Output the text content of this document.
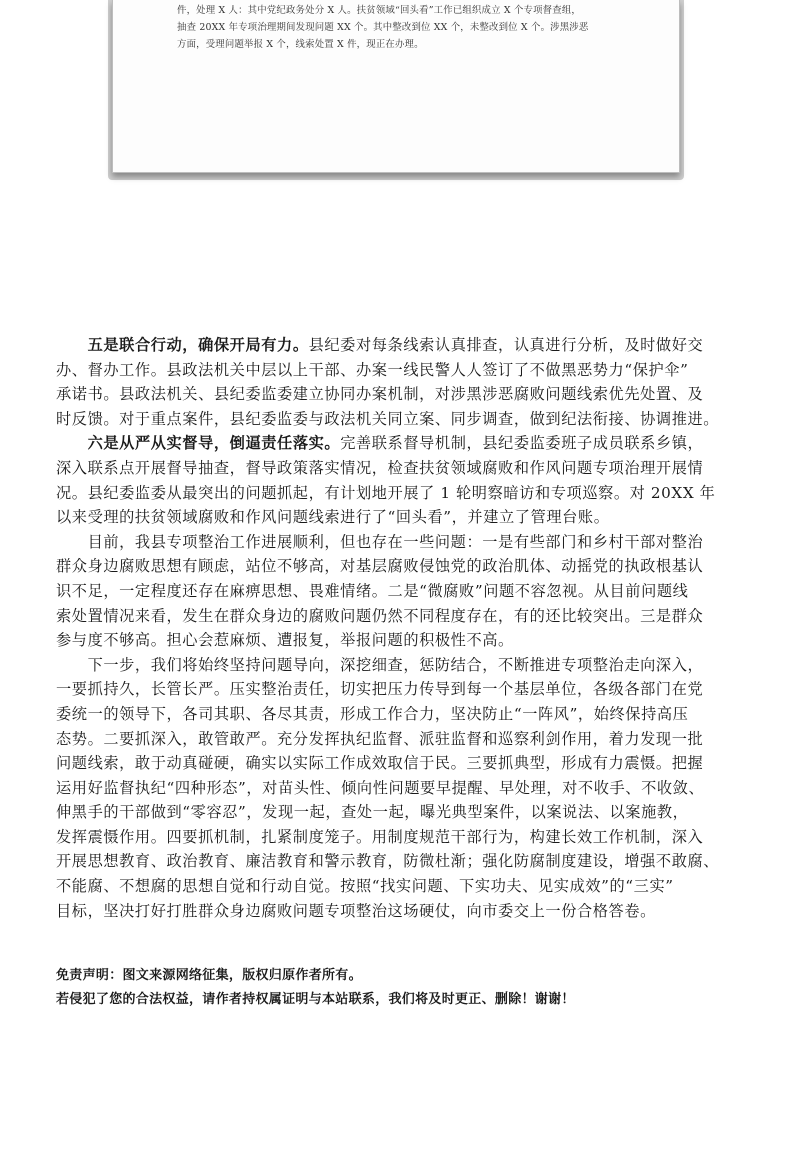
件，处理 X 人：其中党纪政务处分 X 人。扶贫领域“回头看”工作已组织成立 X 个专项督查组，
抽查 20XX 年专项治理期间发现问题 XX 个。其中整改到位 XX 个，未整改到位 X 个。涉黑涉恶
方面，受理问题举报 X 个，线索处置 X 件，现正在办理。
　　五是联合行动，确保开局有力。县纪委对每条线索认真排查，认真进行分析，及时做好交
办、督办工作。县政法机关中层以上干部、办案一线民警人人签订了不做黑恶势力“保护伞”
承诺书。县政法机关、县纪委监委建立协同办案机制，对涉黑涉恶腐败问题线索优先处置、及
时反馈。对于重点案件，县纪委监委与政法机关同立案、同步调查，做到纪法衔接、协调推进。
　　六是从严从实督导，倒逼责任落实。完善联系督导机制，县纪委监委班子成员联系乡镇，
深入联系点开展督导抽查，督导政策落实情况，检查扶贫领域腐败和作风问题专项治理开展情
况。县纪委监委从最突出的问题抓起，有计划地开展了 1 轮明察暗访和专项巡察。对 20XX 年
以来受理的扶贫领域腐败和作风问题线索进行了“回头看”，并建立了管理台账。
　　目前，我县专项整治工作进展顺利，但也存在一些问题：一是有些部门和乡村干部对整治
群众身边腐败思想有顾虑，站位不够高，对基层腐败侵蚀党的政治肌体、动摇党的执政根基认
识不足，一定程度还存在麻痹思想、畏难情绪。二是“微腐败”问题不容忽视。从目前问题线
索处置情况来看，发生在群众身边的腐败问题仍然不同程度存在，有的还比较突出。三是群众
参与度不够高。担心会惹麻烦、遭报复，举报问题的积极性不高。
　　下一步，我们将始终坚持问题导向，深挖细查，惩防结合，不断推进专项整治走向深入，
一要抓持久，长管长严。压实整治责任，切实把压力传导到每一个基层单位，各级各部门在党
委统一的领导下，各司其职、各尽其责，形成工作合力，坚决防止“一阵风”，始终保持高压
态势。二要抓深入，敢管敢严。充分发挥执纪监督、派驻监督和巡察利剑作用，着力发现一批
问题线索，敢于动真碰硬，确实以实际工作成效取信于民。三要抓典型，形成有力震慑。把握
运用好监督执纪“四种形态”，对苗头性、倾向性问题要早提醒、早处理，对不收手、不收敛、
伸黑手的干部做到“零容忍”，发现一起，查处一起，曝光典型案件，以案说法、以案施教，
发挥震慑作用。四要抓机制，扎紧制度笼子。用制度规范干部行为，构建长效工作机制，深入
开展思想教育、政治教育、廉洁教育和警示教育，防微杜渐；强化防腐制度建设，增强不敢腐、
不能腐、不想腐的思想自觉和行动自觉。按照“找实问题、下实功夫、见实成效”的“三实”
目标，坚决打好打胜群众身边腐败问题专项整治这场硬仗，向市委交上一份合格答卷。
免责声明：图文来源网络征集，版权归原作者所有。
若侵犯了您的合法权益，请作者持权属证明与本站联系，我们将及时更正、删除！谢谢！
